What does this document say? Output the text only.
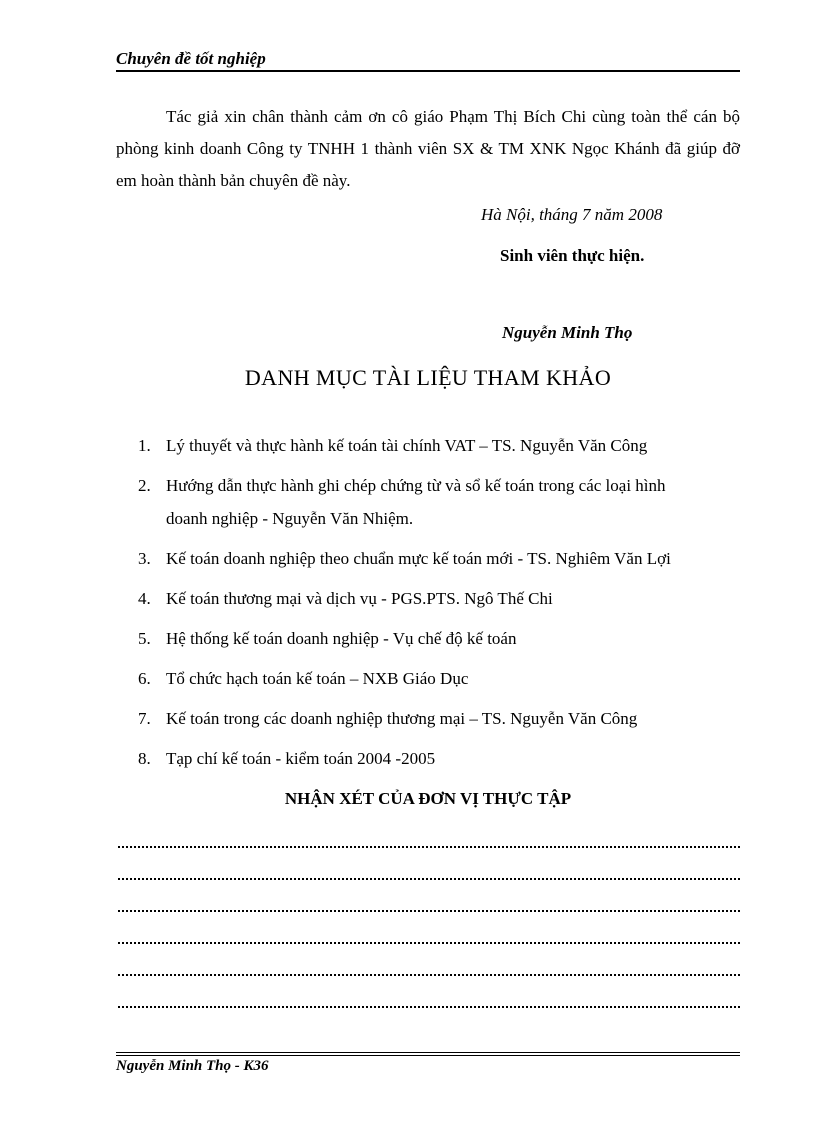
Chuyên đề tốt nghiệp

Tác giả xin chân thành cảm ơn cô giáo Phạm Thị Bích Chi cùng toàn thể cán bộ phòng kinh doanh Công ty TNHH 1 thành viên SX & TM XNK Ngọc Khánh đã giúp đỡ em hoàn thành bản chuyên đề này.

Hà Nội, tháng 7 năm 2008
Sinh viên thực hiện.
Nguyễn Minh Thọ
DANH MỤC TÀI LIỆU THAM KHẢO
1. Lý thuyết và thực hành kế toán tài chính VAT – TS. Nguyễn Văn Công
2. Hướng dẫn thực hành ghi chép chứng từ và sổ kế toán trong các loại hình
doanh nghiệp - Nguyễn Văn Nhiệm.
3. Kế toán doanh nghiệp theo chuẩn mực kế toán mới - TS. Nghiêm Văn Lợi
4. Kế toán thương mại và dịch vụ - PGS.PTS. Ngô Thế Chi
5. Hệ thống kế toán doanh nghiệp - Vụ chế độ kế toán
6. Tổ chức hạch toán kế toán – NXB Giáo Dục
7. Kế toán trong các doanh nghiệp thương mại – TS. Nguyễn Văn Công
8. Tạp chí kế toán - kiểm toán 2004 -2005
NHẬN XÉT CỦA ĐƠN VỊ THỰC TẬP
Nguyễn Minh Thọ - K36
